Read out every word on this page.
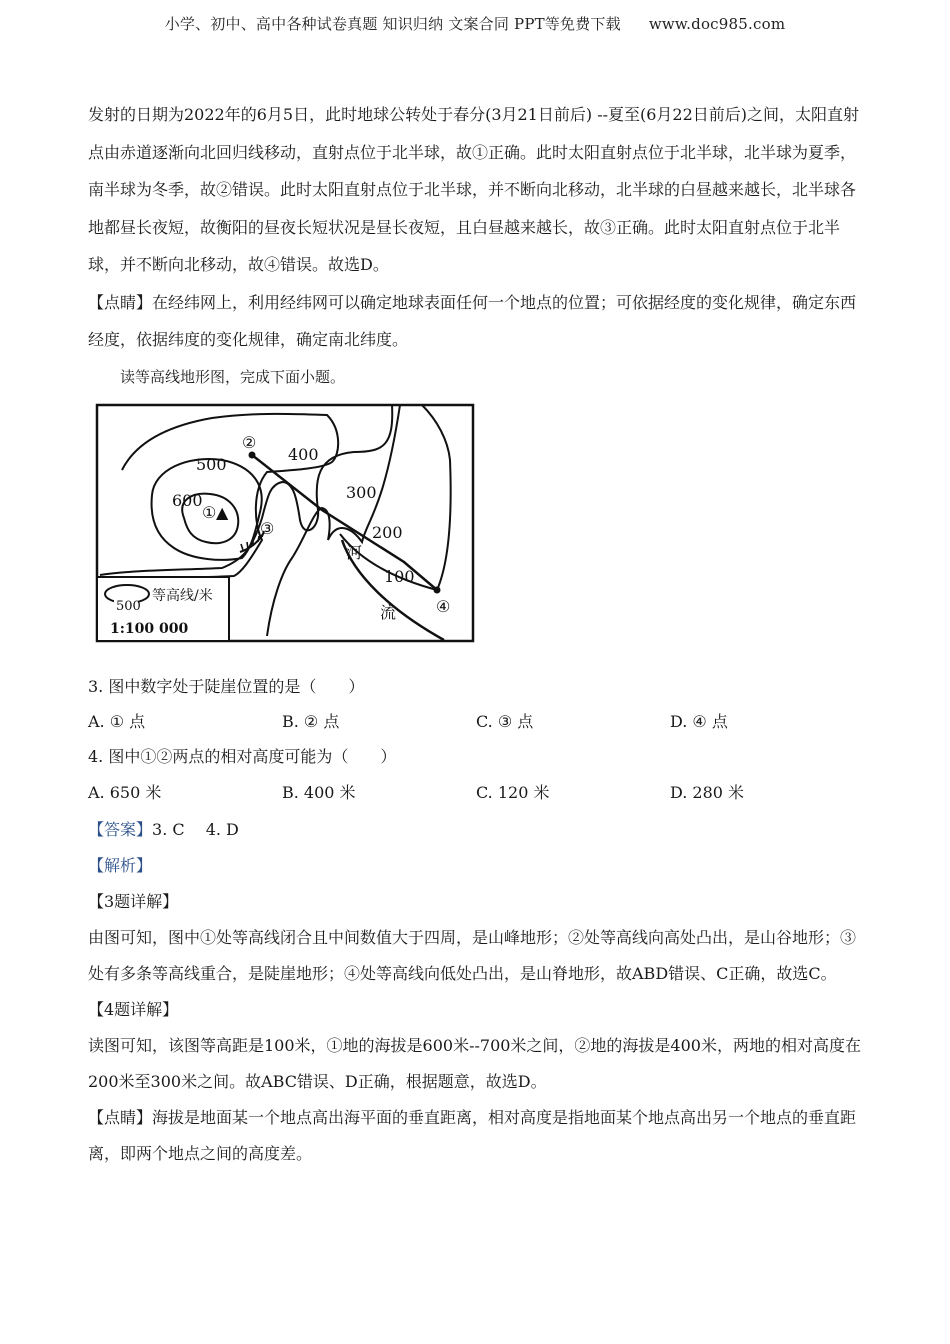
小学、初中、高中各种试卷真题 知识归纳 文案合同 PPT等免费下载 www.doc985.com

发射的日期为2022年的6月5日，此时地球公转处于春分(3月21日前后) --夏至(6月22日前后)之间，太阳直射点由赤道逐渐向北回归线移动，直射点位于北半球，故①正确。此时太阳直射点位于北半球，北半球为夏季，南半球为冬季，故②错误。此时太阳直射点位于北半球，并不断向北移动，北半球的白昼越来越长，北半球各地都昼长夜短，故衡阳的昼夜长短状况是昼长夜短，且白昼越来越长，故③正确。此时太阳直射点位于北半球，并不断向北移动，故④错误。故选D。

【点睛】在经纬网上，利用经纬网可以确定地球表面任何一个地点的位置；可依据经度的变化规律，确定东西经度，依据纬度的变化规律，确定南北纬度。

读等高线地形图，完成下面小题。

① ▲
②
③
④
600
500
400
300
200
100
河
流
500
等高线/米
1:100 000
3. 图中数字处于陡崖位置的是（　　）
A. ① 点	B. ② 点	C. ③ 点	D. ④ 点
4. 图中①②两点的相对高度可能为（　　）
A. 650 米	B. 400 米	C. 120 米	D. 280 米

【答案】3. C　 4. D

【解析】

【3题详解】

由图可知，图中①处等高线闭合且中间数值大于四周，是山峰地形；②处等高线向高处凸出，是山谷地形；③处有多条等高线重合，是陡崖地形；④处等高线向低处凸出，是山脊地形，故ABD错误、C正确，故选C。

【4题详解】

读图可知，该图等高距是100米，①地的海拔是600米--700米之间，②地的海拔是400米，两地的相对高度在200米至300米之间。故ABC错误、D正确，根据题意，故选D。

【点睛】海拔是地面某一个地点高出海平面的垂直距离，相对高度是指地面某个地点高出另一个地点的垂直距离，即两个地点之间的高度差。
